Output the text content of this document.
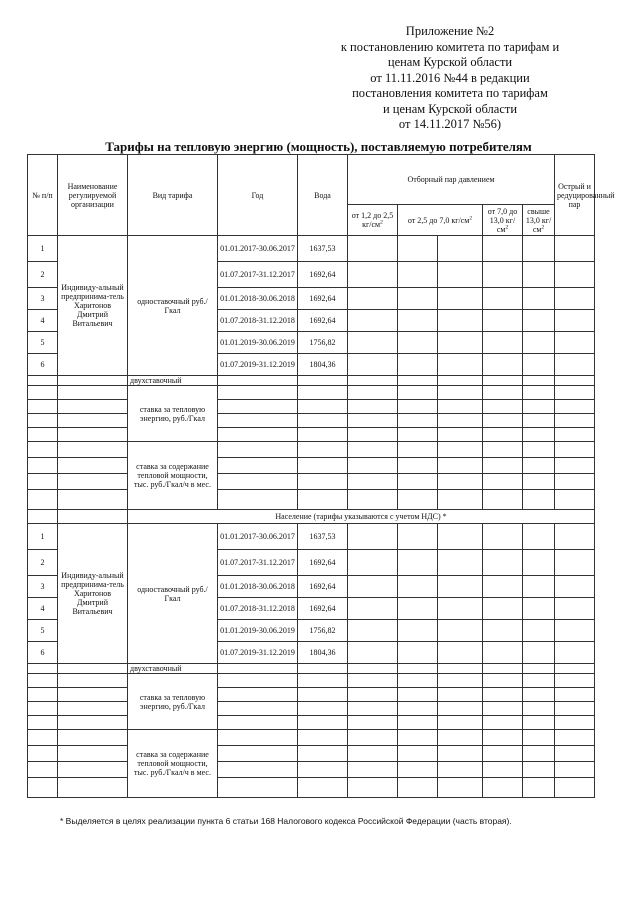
Приложение №2
к постановлению комитета по тарифам и
ценам Курской области
от 11.11.2016 №44 в редакции
постановления комитета по тарифам
и ценам Курской области
от 14.11.2017 №56)
Тарифы на тепловую энергию (мощность), поставляемую потребителям
№ п/п	Наименование регулируемой организации	Вид тарифа	Год	Вода	Отборный пар давлением					Острый и редуцированный пар
					от 1,2 до 2,5 $кг/см^2$	от 2,5 до 7,0 $кг/см^2$		от 7,0 до 13,0 $кг/см^2$	свыше 13,0 $кг/см^2$
1	Индивиду-альный предпринима-тель Харитонов Дмитрий Витальевич	одноставочный руб./Гкал	01.01.2017-30.06.2017	1637,53						
2			01.07.2017-31.12.2017	1692,64						
3			01.01.2018-30.06.2018	1692,64						
4			01.07.2018-31.12.2018	1692,64						
5			01.01.2019-30.06.2019	1756,82						
6			01.07.2019-31.12.2019	1804,36						
		двухставочный								
		ставка за тепловую энергию, руб./Гкал								

		ставка за содержание тепловой мощности, тыс. руб./Гкал/ч в мес.								

		Население (тарифы указываются с учетом НДС) *								
1	Индивиду-альный предпринима-тель Харитонов Дмитрий Витальевич	одноставочный руб./Гкал	01.01.2017-30.06.2017	1637,53						
2			01.07.2017-31.12.2017	1692,64						
3			01.01.2018-30.06.2018	1692,64						
4			01.07.2018-31.12.2018	1692,64						
5			01.01.2019-30.06.2019	1756,82						
6			01.07.2019-31.12.2019	1804,36						
		двухставочный								
		ставка за тепловую энергию, руб./Гкал								

		ставка за содержание тепловой мощности, тыс. руб./Гкал/ч в мес.								

* Выделяется в целях реализации пункта 6 статьи 168 Налогового кодекса Российской Федерации (часть вторая).
